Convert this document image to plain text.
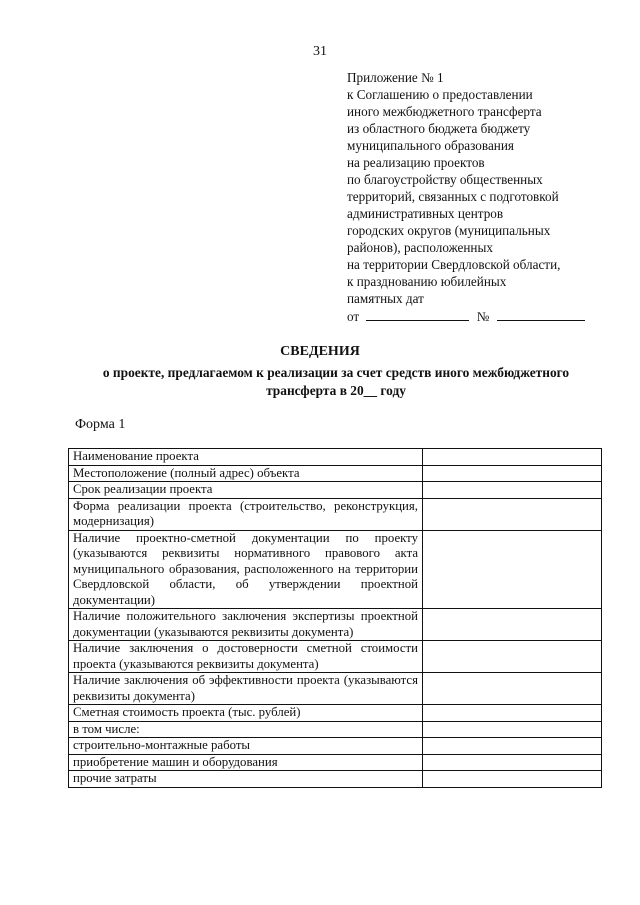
31
Приложение № 1
к Соглашению о предоставлении
иного межбюджетного трансферта
из областного бюджета бюджету
муниципального образования
на реализацию проектов
по благоустройству общественных
территорий, связанных с подготовкой
административных центров
городских округов (муниципальных
районов), расположенных
на территории Свердловской области,
к празднованию юбилейных
памятных дат
от	№
СВЕДЕНИЯ
о проекте, предлагаемом к реализации за счет средств иного межбюджетного
трансферта в 20__ году
Форма 1
Наименование проекта	
Местоположение (полный адрес) объекта	
Срок реализации проекта	
Форма реализации проекта (строительство, реконструкция, модернизация)	
Наличие проектно-сметной документации по проекту (указываются реквизиты нормативного правового акта муниципального образования, расположенного на территории Свердловской области, об утверждении проектной документации)	
Наличие положительного заключения экспертизы проектной документации (указываются реквизиты документа)	
Наличие заключения о достоверности сметной стоимости проекта (указываются реквизиты документа)	
Наличие заключения об эффективности проекта (указываются реквизиты документа)	
Сметная стоимость проекта (тыс. рублей)	
в том числе:	
строительно-монтажные работы	
приобретение машин и оборудования	
прочие затраты	
